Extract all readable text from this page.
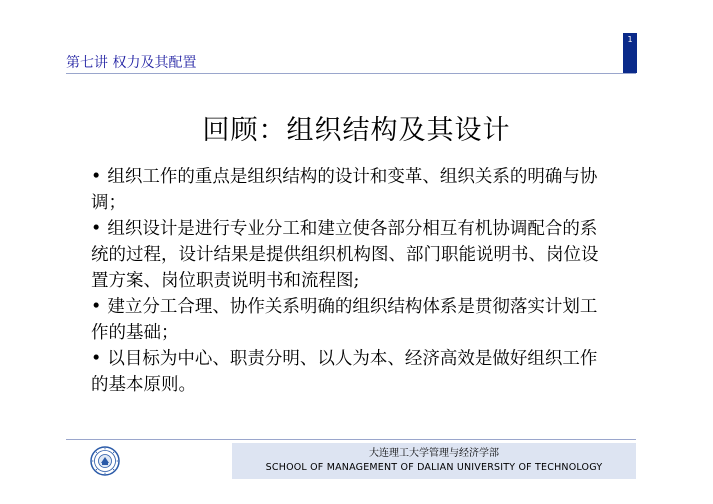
1
第七讲 权力及其配置
回顾：组织结构及其设计
• 组织工作的重点是组织结构的设计和变革、组织关系的明确与协调；
• 组织设计是进行专业分工和建立使各部分相互有机协调配合的系统的过程，设计结果是提供组织机构图、部门职能说明书、岗位设置方案、岗位职责说明书和流程图;
• 建立分工合理、协作关系明确的组织结构体系是贯彻落实计划工作的基础；
• 以目标为中心、职责分明、以人为本、经济高效是做好组织工作的基本原则。
大连理工大学管理与经济学部
SCHOOL OF MANAGEMENT OF DALIAN UNIVERSITY OF TECHNOLOGY
